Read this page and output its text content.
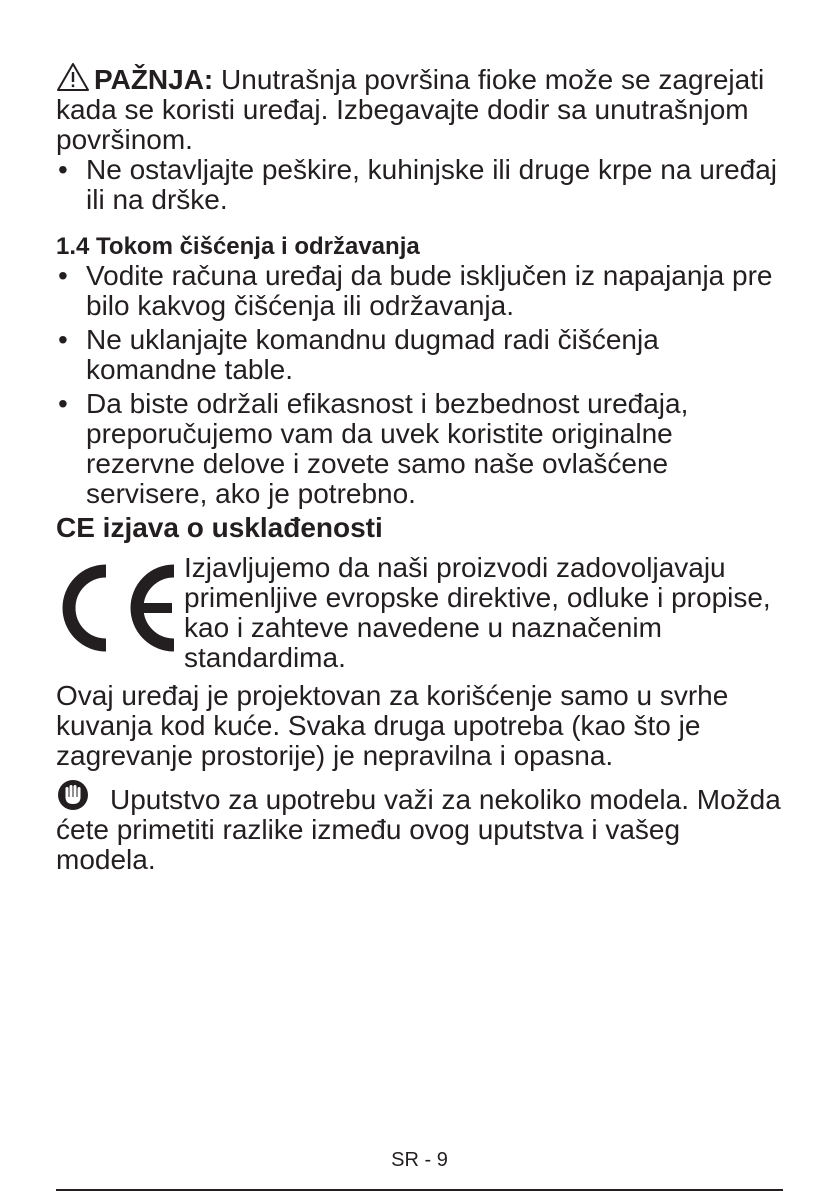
PAŽNJA: Unutrašnja površina fioke može se zagrejati kada se koristi uređaj. Izbegavajte dodir sa unutrašnjom površinom.

• Ne ostavljajte peškire, kuhinjske ili druge krpe na uređaj ili na drške.
1.4 Tokom čišćenja i održavanja
• Vodite računa uređaj da bude isključen iz napajanja pre bilo kakvog čišćenja ili održavanja.
• Ne uklanjajte komandnu dugmad radi čišćenja komandne table.
• Da biste održali efikasnost i bezbednost uređaja, preporučujemo vam da uvek koristite originalne rezervne delove i zovete samo naše ovlašćene servisere, ako je potrebno.
CE izjava o usklađenosti
Izjavljujemo da naši proizvodi zadovoljavaju primenljive evropske direktive, odluke i propise, kao i zahteve navedene u naznačenim standardima.

Ovaj uređaj je projektovan za korišćenje samo u svrhe kuvanja kod kuće. Svaka druga upotreba (kao što je zagrevanje prostorije) je nepravilna i opasna.

Uputstvo za upotrebu važi za nekoliko modela. Možda ćete primetiti razlike između ovog uputstva i vašeg modela.

SR - 9
